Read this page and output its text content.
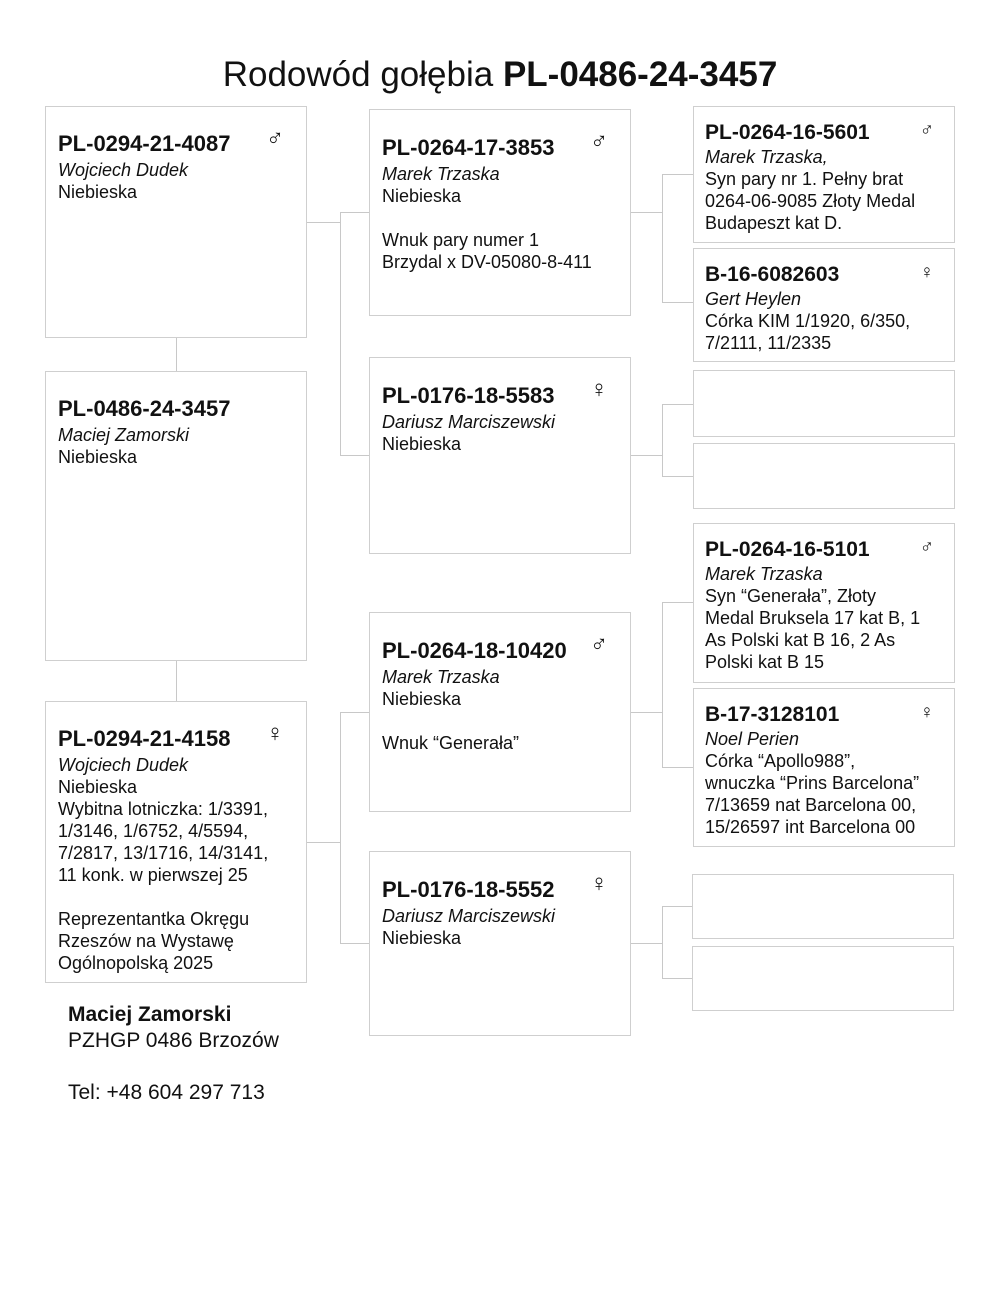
Rodowód gołębia PL-0486-24-3457
PL-0294-21-4087	♂
Wojciech Dudek
Niebieska
PL-0486-24-3457
Maciej Zamorski
Niebieska
PL-0294-21-4158	♀
Wojciech Dudek
Niebieska
Wybitna lotniczka: 1/3391,
1/3146, 1/6752, 4/5594,
7/2817, 13/1716, 14/3141,
11 konk. w pierwszej 25
Reprezentantka Okręgu
Rzeszów na Wystawę
Ogólnopolską 2025
PL-0264-17-3853	♂
Marek Trzaska
Niebieska
Wnuk pary numer 1
Brzydal x DV-05080-8-411
PL-0176-18-5583	♀
Dariusz Marciszewski
Niebieska
PL-0264-18-10420 ♂
Marek Trzaska
Niebieska
Wnuk “Generała”
PL-0176-18-5552	♀
Dariusz Marciszewski
Niebieska
PL-0264-16-5601	♂
Marek Trzaska,
Syn pary nr 1. Pełny brat
0264-06-9085 Złoty Medal
Budapeszt kat D.
B-16-6082603	♀
Gert Heylen
Córka KIM 1/1920, 6/350,
7/2111, 11/2335
PL-0264-16-5101	♂
Marek Trzaska
Syn “Generała”, Złoty
Medal Bruksela 17 kat B, 1
As Polski kat B 16, 2 As
Polski kat B 15
B-17-3128101	♀
Noel Perien
Córka “Apollo988”,
wnuczka “Prins Barcelona”
7/13659 nat Barcelona 00,
15/26597 int Barcelona 00
Maciej Zamorski
PZHGP 0486 Brzozów
Tel: +48 604 297 713
